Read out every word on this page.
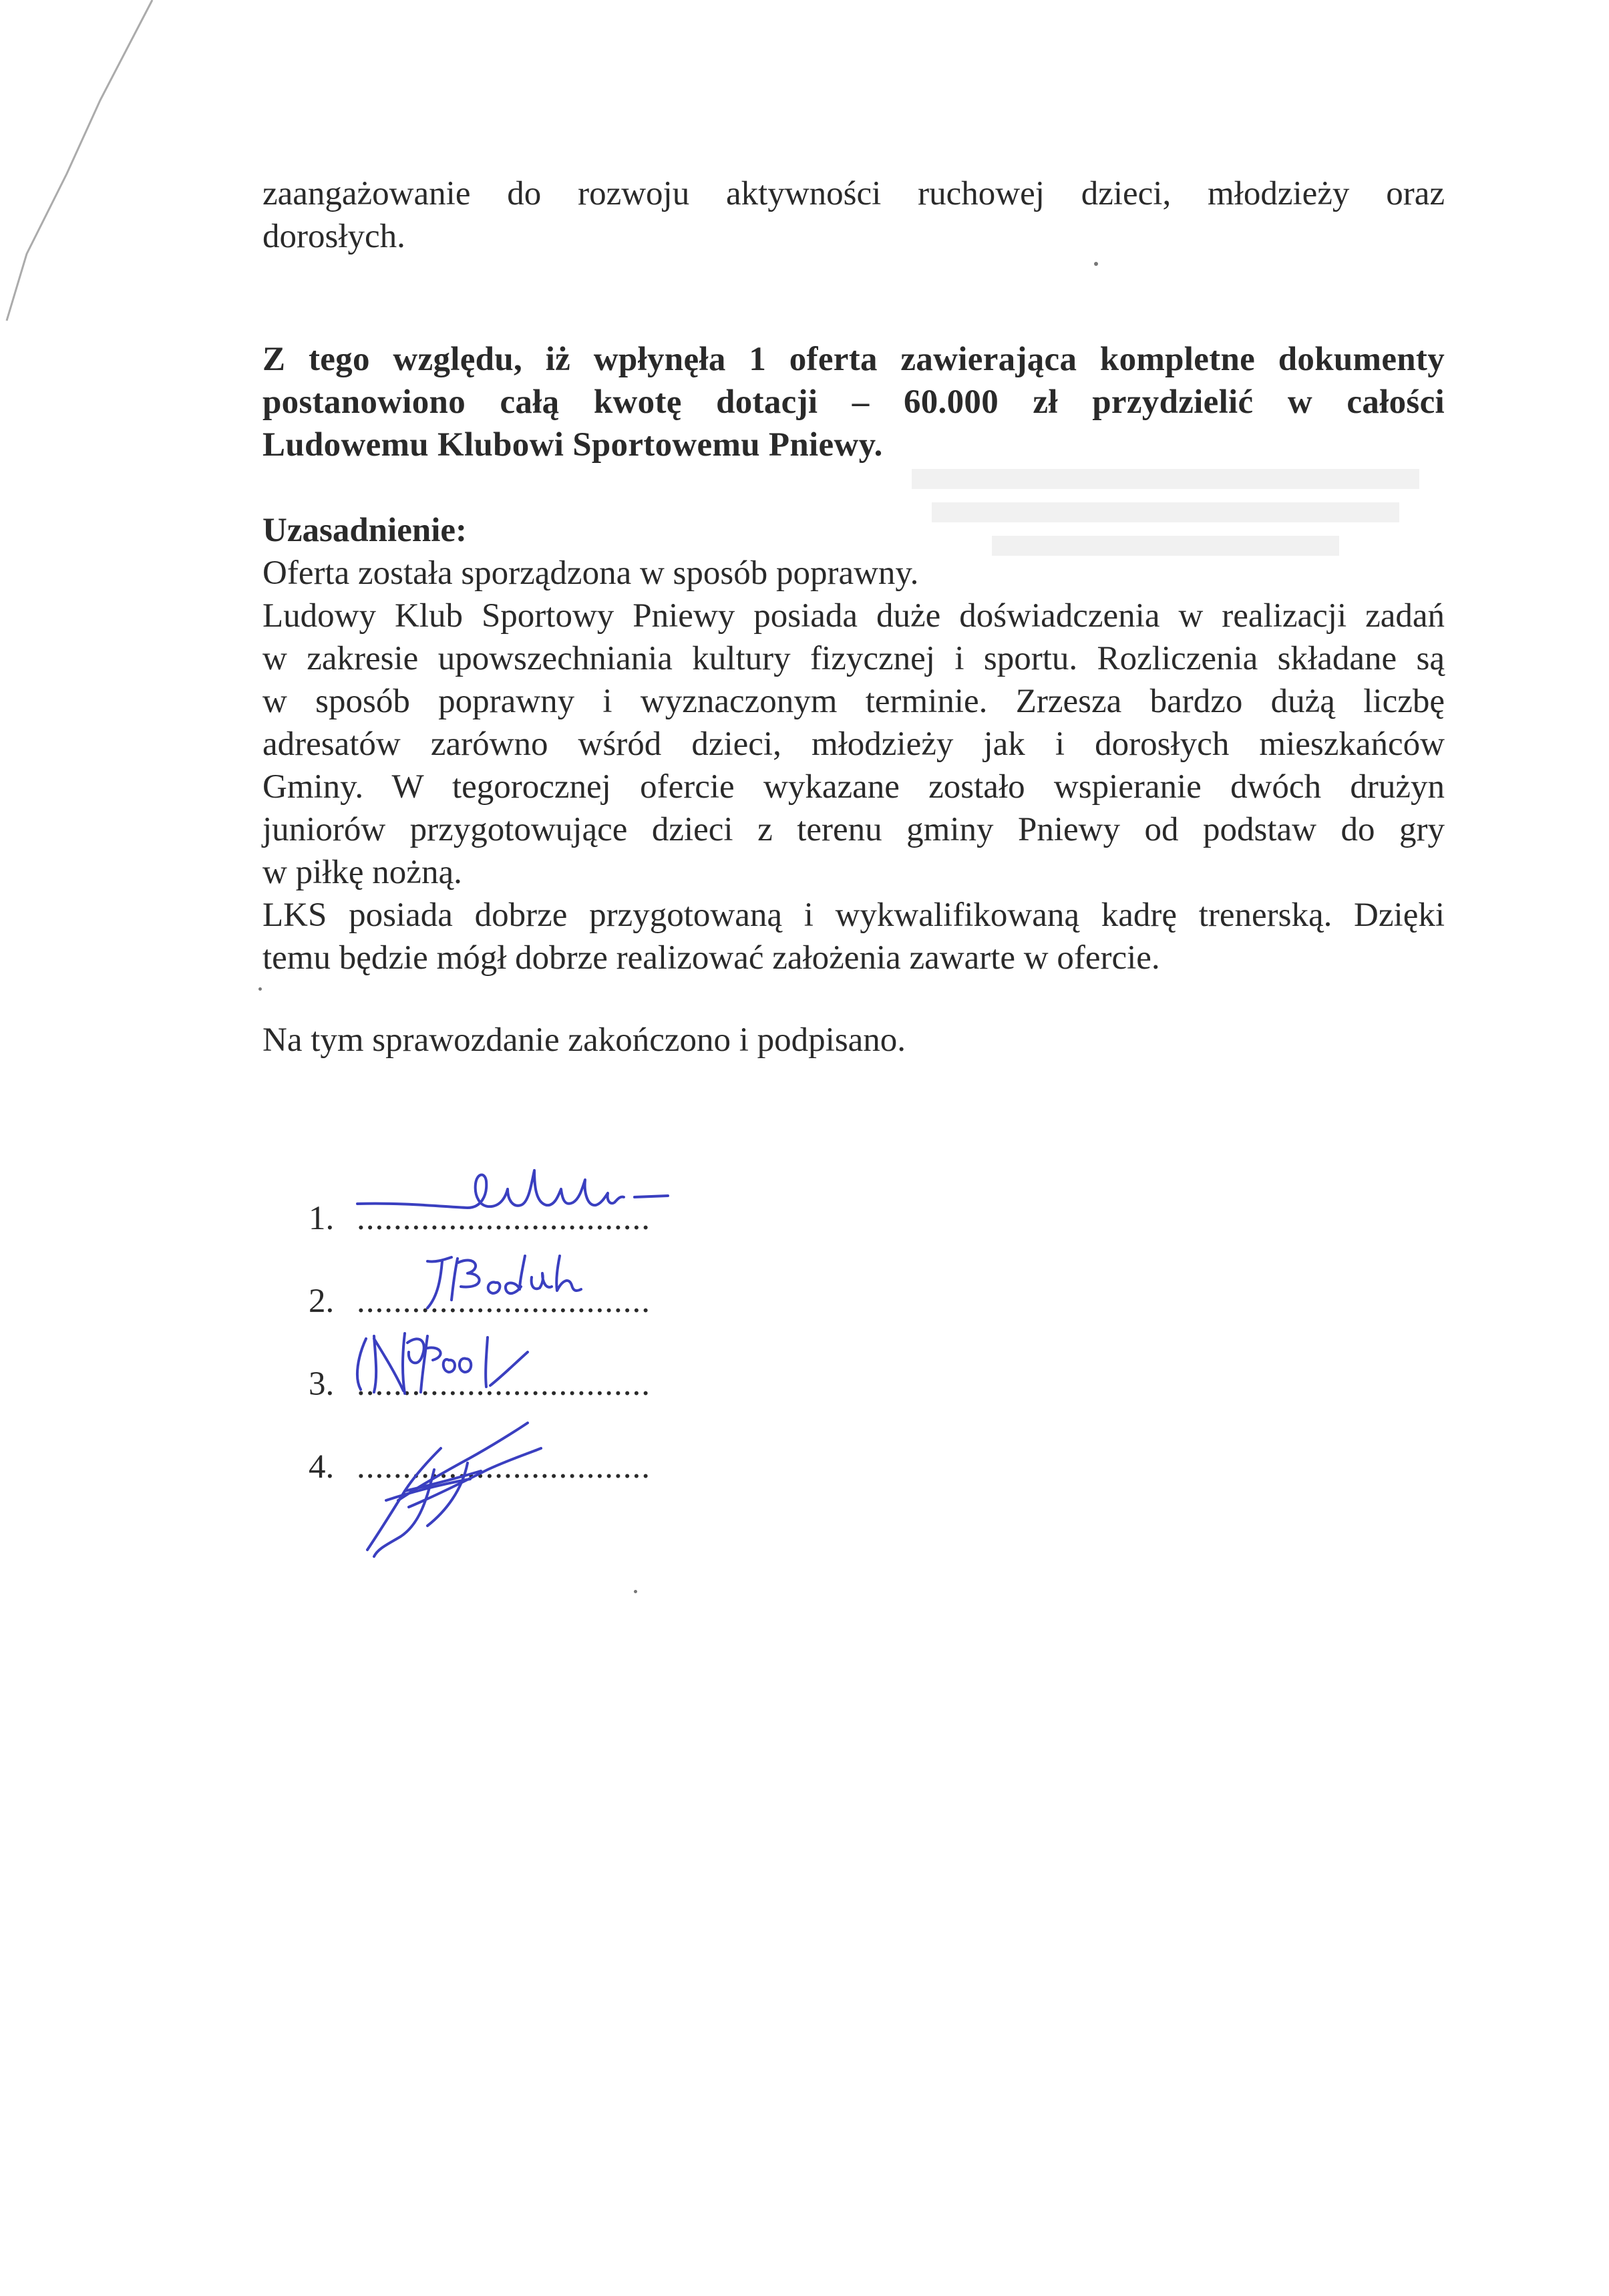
zaangażowanie do rozwoju aktywności ruchowej dzieci, młodzieży oraz
dorosłych.
Z tego względu, iż wpłynęła 1 oferta zawierająca kompletne dokumenty
postanowiono całą kwotę dotacji – 60.000 zł przydzielić w całości
Ludowemu Klubowi Sportowemu Pniewy.
Uzasadnienie:
Oferta została sporządzona w sposób poprawny.
Ludowy Klub Sportowy Pniewy posiada duże doświadczenia w realizacji zadań
w zakresie upowszechniania kultury fizycznej i sportu. Rozliczenia składane są
w sposób poprawny i wyznaczonym terminie. Zrzesza bardzo dużą liczbę
adresatów zarówno wśród dzieci, młodzieży jak i dorosłych mieszkańców
Gminy. W tegorocznej ofercie wykazane zostało wspieranie dwóch drużyn
juniorów przygotowujące dzieci z terenu gminy Pniewy od podstaw do gry
w piłkę nożną.
LKS posiada dobrze przygotowaną i wykwalifikowaną kadrę trenerską. Dzięki
temu będzie mógł dobrze realizować założenia zawarte w ofercie.
Na tym sprawozdanie zakończono i podpisano.
1. ................................
2. ................................
3. ................................
4. ................................
